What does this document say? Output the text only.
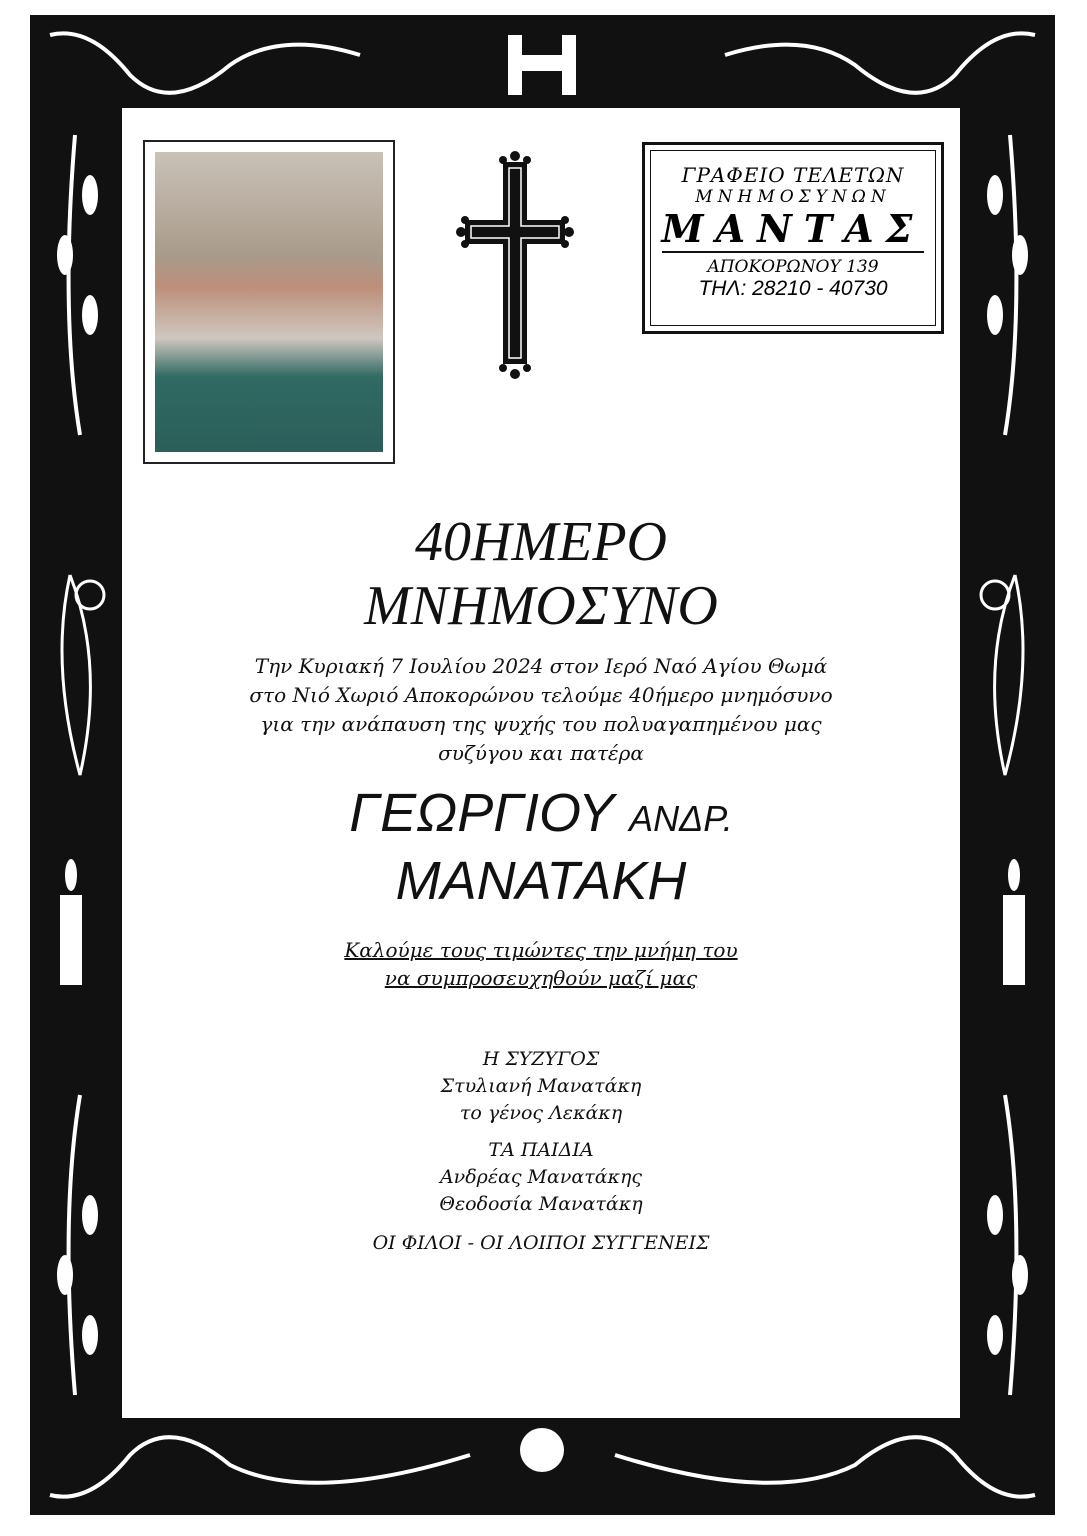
ΓΡΑΦΕΙΟ ΤΕΛΕΤΩΝ
ΜΝΗΜΟΣΥΝΩΝ
ΜΑΝΤΑΣ
ΑΠΟΚΟΡΩΝΟΥ 139
ΤΗΛ: 28210 - 40730
40ΗΜΕΡΟ
ΜΝΗΜΟΣΥΝΟ
Την Κυριακή 7 Ιουλίου 2024 στον Ιερό Ναό Αγίου Θωμά
στο Νιό Χωριό Αποκορώνου τελούμε 40ήμερο μνημόσυνο
για την ανάπαυση της ψυχής του πολυαγαπημένου μας
συζύγου και πατέρα
ΓΕΩΡΓΙΟΥ ΑΝΔΡ.
ΜΑΝΑΤΑΚΗ
Καλούμε τους τιμώντες την μνήμη του
να συμπροσευχηθούν μαζί μας
Η ΣΥΖΥΓΟΣ
Στυλιανή Μανατάκη
το γένος Λεκάκη
ΤΑ ΠΑΙΔΙΑ
Ανδρέας Μανατάκης
Θεοδοσία Μανατάκη
ΟΙ ΦΙΛΟΙ - ΟΙ ΛΟΙΠΟΙ ΣΥΓΓΕΝΕΙΣ
